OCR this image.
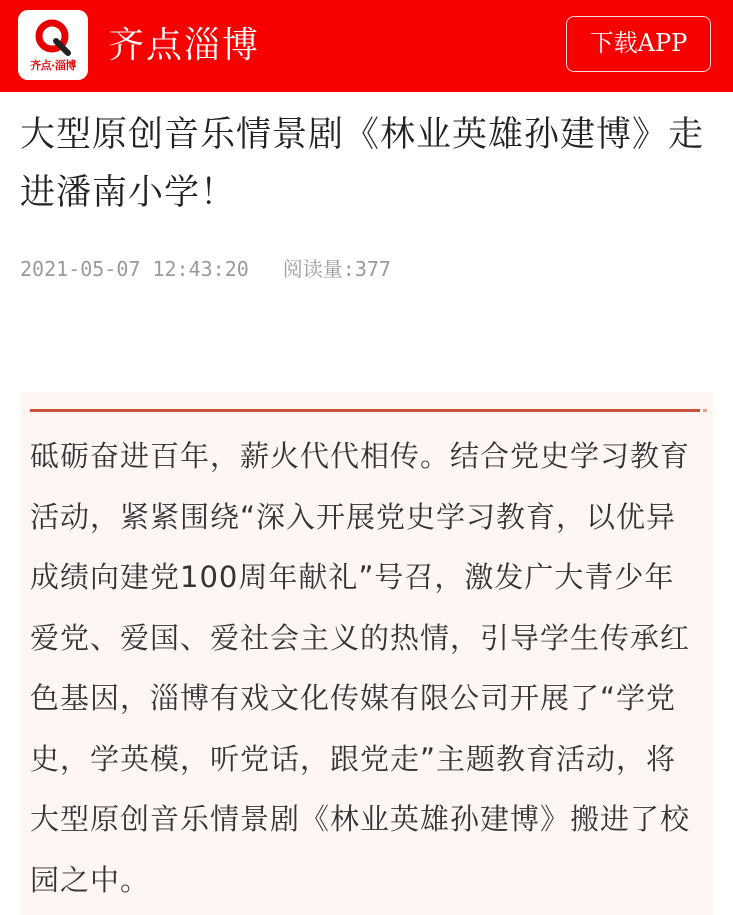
齐点·淄博 齐点淄博	下载APP
大型原创音乐情景剧《林业英雄孙建博》走进潘南小学！
2021-05-07 12:43:20 阅读量:377

砥砺奋进百年，薪火代代相传。结合党史学习教育活动，紧紧围绕“深入开展党史学习教育，以优异成绩向建党100周年献礼”号召，激发广大青少年爱党、爱国、爱社会主义的热情，引导学生传承红色基因，淄博有戏文化传媒有限公司开展了“学党史，学英模，听党话，跟党走”主题教育活动，将大型原创音乐情景剧《林业英雄孙建博》搬进了校园之中。
